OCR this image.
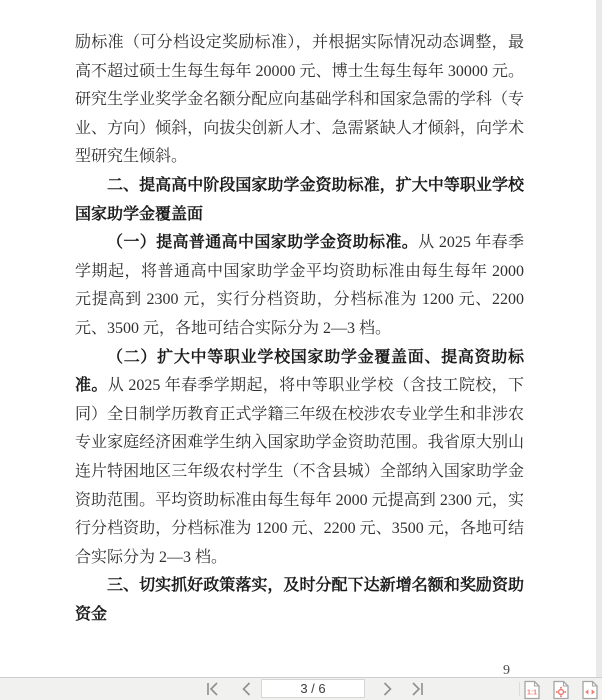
励标准（可分档设定奖励标准），并根据实际情况动态调整，最高不超过硕士生每生每年 20000 元、博士生每生每年 30000 元。研究生学业奖学金名额分配应向基础学科和国家急需的学科（专业、方向）倾斜，向拔尖创新人才、急需紧缺人才倾斜，向学术型研究生倾斜。

二、提高高中阶段国家助学金资助标准，扩大中等职业学校国家助学金覆盖面

（一）提高普通高中国家助学金资助标准。从 2025 年春季学期起，将普通高中国家助学金平均资助标准由每生每年 2000 元提高到 2300 元，实行分档资助，分档标准为 1200 元、2200 元、3500 元，各地可结合实际分为 2—3 档。

（二）扩大中等职业学校国家助学金覆盖面、提高资助标准。从 2025 年春季学期起，将中等职业学校（含技工院校，下同）全日制学历教育正式学籍三年级在校涉农专业学生和非涉农专业家庭经济困难学生纳入国家助学金资助范围。我省原大别山连片特困地区三年级农村学生（不含县城）全部纳入国家助学金资助范围。平均资助标准由每生每年 2000 元提高到 2300 元，实行分档资助，分档标准为 1200 元、2200 元、3500 元，各地可结合实际分为 2—3 档。

三、切实抓好政策落实，及时分配下达新增名额和奖励资助资金

9
3 / 6
1:1
